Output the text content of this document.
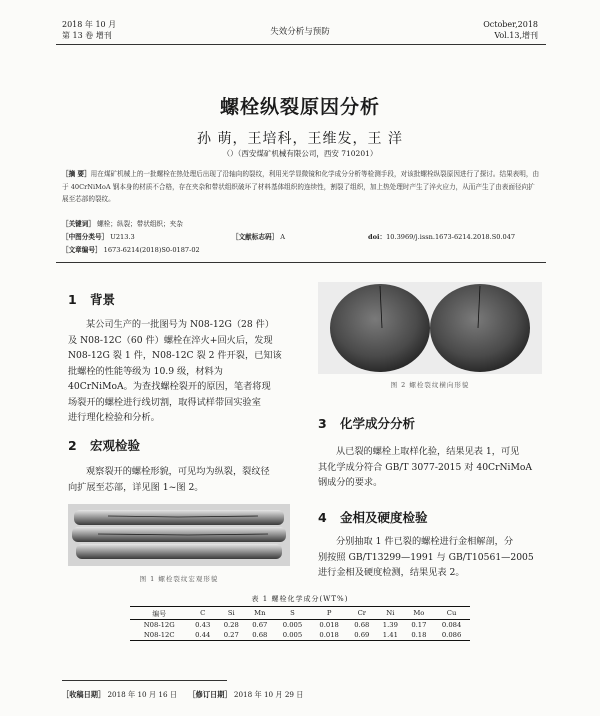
2018 年 10 月
第 13 卷 增刊	失效分析与预防
October,2018
Vol.13,增刊
螺栓纵裂原因分析
孙 萌，王培科，王维发，王 洋
（）（西安煤矿机械有限公司，西安 710201）
［摘 要］用在煤矿机械上的一批螺栓在热处理后出现了沿轴向的裂纹，利用光学显微镜和化学成分分析等检测手段，对该批螺栓纵裂原因进行了探讨。结果表明，由于 40CrNiMoA 钢本身的材质不合格，存在夹杂和带状组织破坏了材料基体组织的连续性，割裂了组织，加上热处理时产生了淬火应力，从而产生了由表面径向扩展至芯部的裂纹。
［关键词］ 螺栓；纵裂；带状组织；夹杂
［中图分类号］ U213.3	［文献标志码］ A	doi：10.3969/j.issn.1673-6214.2018.S0.047
［文章编号］ 1673-6214(2018)S0-0187-02
1 背景
某公司生产的一批图号为 N08-12G（28 件）
及 N08-12C（60 件）螺栓在淬火+回火后，发现
N08-12G 裂 1 件，N08-12C 裂 2 件开裂，已知该
批螺栓的性能等级为 10.9 级，材料为
40CrNiMoA。为查找螺栓裂开的原因，笔者将现
场裂开的螺栓进行线切割，取得试样带回实验室
进行理化检验和分析。
2 宏观检验
观察裂开的螺栓形貌，可见均为纵裂，裂纹径
向扩展至芯部，详见图 1~图 2。
图 1 螺栓裂纹宏观形貌
图 2 螺栓裂纹横向形貌
3 化学成分分析
从已裂的螺栓上取样化验，结果见表 1，可见
其化学成分符合 GB/T 3077-2015 对 40CrNiMoA
钢成分的要求。
4 金相及硬度检验
分别抽取 1 件已裂的螺栓进行金相解剖，分
别按照 GB/T13299—1991 与 GB/T10561—2005
进行金相及硬度检测，结果见表 2。
表 1 螺栓化学成分(WT%)
编号	C	Si	Mn	S	P	Cr	Ni	Mo	Cu
N08-12G	0.43	0.28	0.67	0.005	0.018	0.68	1.39	0.17	0.084
N08-12C	0.44	0.27	0.68	0.005	0.018	0.69	1.41	0.18	0.086
［收稿日期］ 2018 年 10 月 16 日 ［修订日期］ 2018 年 10 月 29 日
